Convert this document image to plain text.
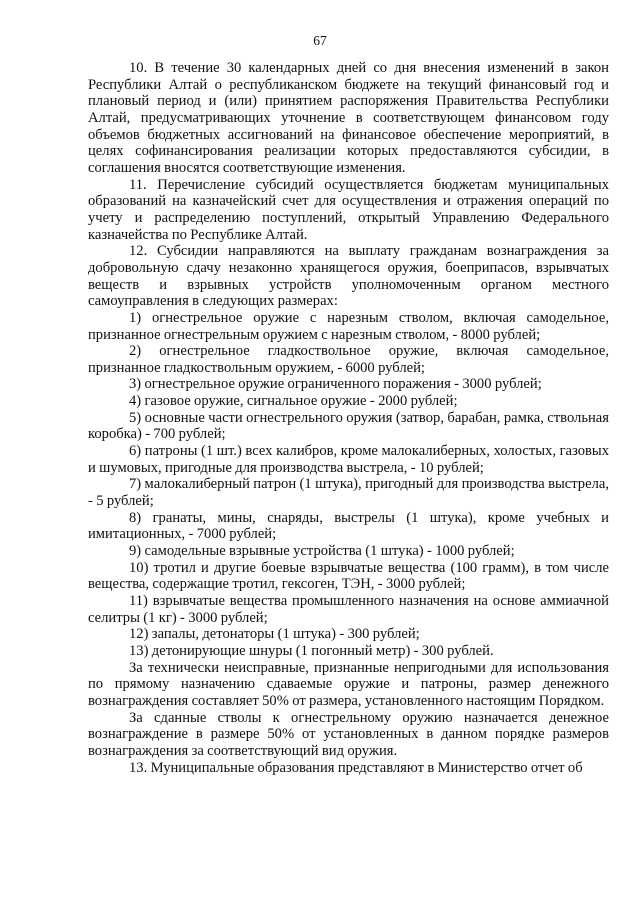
67

10. В течение 30 календарных дней со дня внесения изменений в закон Республики Алтай о республиканском бюджете на текущий финансовый год и плановый период и (или) принятием распоряжения Правительства Республики Алтай, предусматривающих уточнение в соответствующем финансовом году объемов бюджетных ассигнований на финансовое обеспечение мероприятий, в целях софинансирования реализации которых предоставляются субсидии, в соглашения вносятся соответствующие изменения.

11. Перечисление субсидий осуществляется бюджетам муниципальных образований на казначейский счет для осуществления и отражения операций по учету и распределению поступлений, открытый Управлению Федерального казначейства по Республике Алтай.

12. Субсидии направляются на выплату гражданам вознаграждения за добровольную сдачу незаконно хранящегося оружия, боеприпасов, взрывчатых веществ и взрывных устройств уполномоченным органом местного самоуправления в следующих размерах:

1) огнестрельное оружие с нарезным стволом, включая самодельное, признанное огнестрельным оружием с нарезным стволом, - 8000 рублей;

2) огнестрельное гладкоствольное оружие, включая самодельное, признанное гладкоствольным оружием, - 6000 рублей;

3) огнестрельное оружие ограниченного поражения - 3000 рублей;

4) газовое оружие, сигнальное оружие - 2000 рублей;

5) основные части огнестрельного оружия (затвор, барабан, рамка, ствольная коробка) - 700 рублей;

6) патроны (1 шт.) всех калибров, кроме малокалиберных, холостых, газовых и шумовых, пригодные для производства выстрела, - 10 рублей;

7) малокалиберный патрон (1 штука), пригодный для производства выстрела, - 5 рублей;

8) гранаты, мины, снаряды, выстрелы (1 штука), кроме учебных и имитационных, - 7000 рублей;

9) самодельные взрывные устройства (1 штука) - 1000 рублей;

10) тротил и другие боевые взрывчатые вещества (100 грамм), в том числе вещества, содержащие тротил, гексоген, ТЭН, - 3000 рублей;

11) взрывчатые вещества промышленного назначения на основе аммиачной селитры (1 кг) - 3000 рублей;

12) запалы, детонаторы (1 штука) - 300 рублей;

13) детонирующие шнуры (1 погонный метр) - 300 рублей.

За технически неисправные, признанные непригодными для использования по прямому назначению сдаваемые оружие и патроны, размер денежного вознаграждения составляет 50% от размера, установленного настоящим Порядком.

За сданные стволы к огнестрельному оружию назначается денежное вознаграждение в размере 50% от установленных в данном порядке размеров вознаграждения за соответствующий вид оружия.

13. Муниципальные образования представляют в Министерство отчет об
